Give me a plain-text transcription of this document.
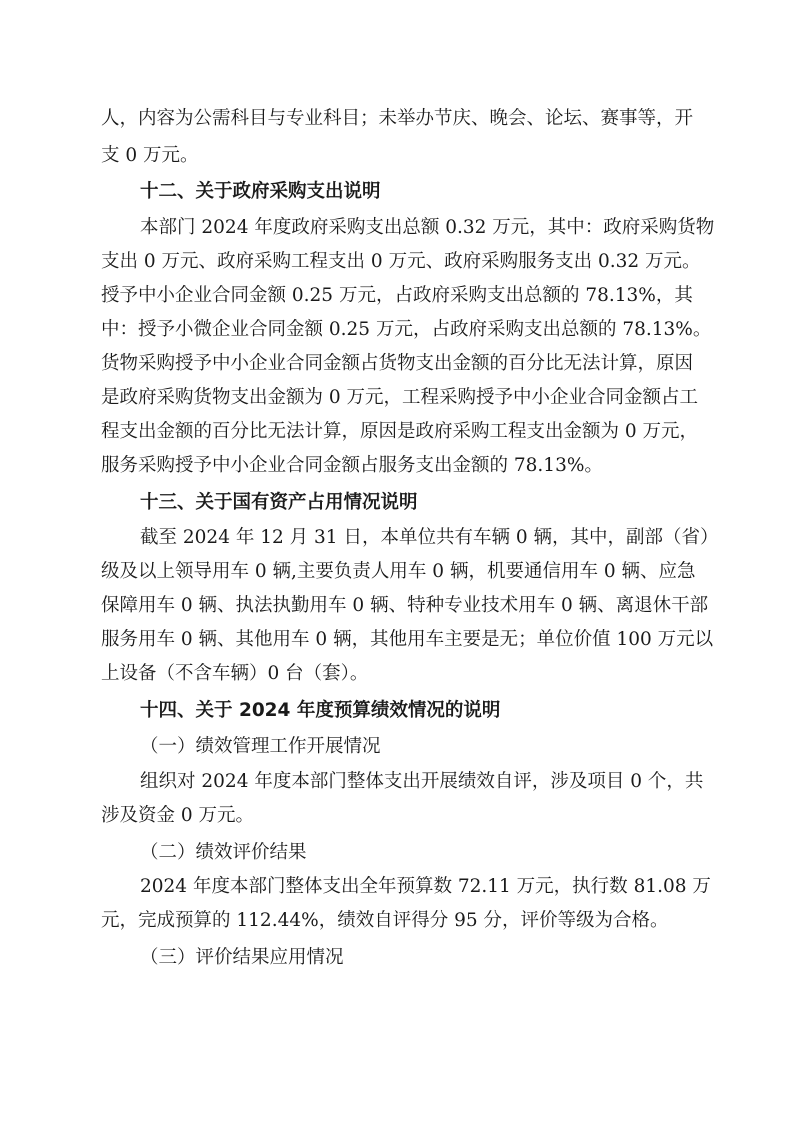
人，内容为公需科目与专业科目；未举办节庆、晚会、论坛、赛事等，开
支 0 万元。
十二、关于政府采购支出说明
本部门 2024 年度政府采购支出总额 0.32 万元，其中：政府采购货物
支出 0 万元、政府采购工程支出 0 万元、政府采购服务支出 0.32 万元。
授予中小企业合同金额 0.25 万元，占政府采购支出总额的 78.13%，其
中：授予小微企业合同金额 0.25 万元，占政府采购支出总额的 78.13%。
货物采购授予中小企业合同金额占货物支出金额的百分比无法计算，原因
是政府采购货物支出金额为 0 万元，工程采购授予中小企业合同金额占工
程支出金额的百分比无法计算，原因是政府采购工程支出金额为 0 万元，
服务采购授予中小企业合同金额占服务支出金额的 78.13%。
十三、关于国有资产占用情况说明
截至 2024 年 12 月 31 日，本单位共有车辆 0 辆，其中，副部（省）
级及以上领导用车 0 辆,主要负责人用车 0 辆，机要通信用车 0 辆、应急
保障用车 0 辆、执法执勤用车 0 辆、特种专业技术用车 0 辆、离退休干部
服务用车 0 辆、其他用车 0 辆，其他用车主要是无；单位价值 100 万元以
上设备（不含车辆）0 台（套）。
十四、关于 2024 年度预算绩效情况的说明
（一）绩效管理工作开展情况
组织对 2024 年度本部门整体支出开展绩效自评，涉及项目 0 个，共
涉及资金 0 万元。
（二）绩效评价结果
2024 年度本部门整体支出全年预算数 72.11 万元，执行数 81.08 万
元，完成预算的 112.44%，绩效自评得分 95 分，评价等级为合格。
（三）评价结果应用情况
